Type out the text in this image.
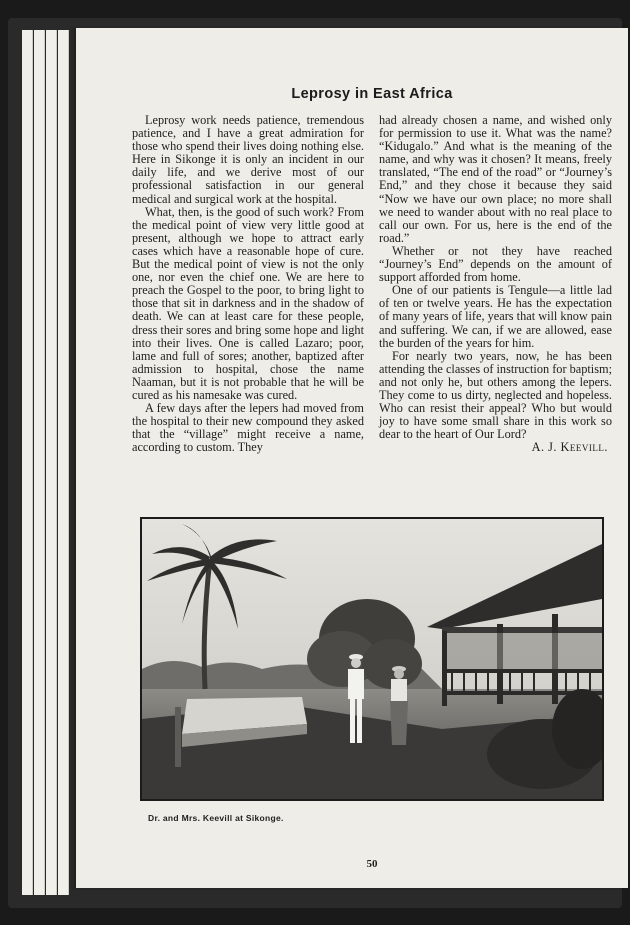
Leprosy in East Africa

Leprosy work needs patience, tremendous patience, and I have a great admiration for those who spend their lives doing nothing else. Here in Sikonge it is only an incident in our daily life, and we derive most of our professional satisfaction in our general medical and surgical work at the hospital.

What, then, is the good of such work? From the medical point of view very little good at present, although we hope to attract early cases which have a reasonable hope of cure. But the medical point of view is not the only one, nor even the chief one. We are here to preach the Gospel to the poor, to bring light to those that sit in darkness and in the shadow of death. We can at least care for these people, dress their sores and bring some hope and light into their lives. One is called Lazaro; poor, lame and full of sores; another, baptized after admission to hospital, chose the name Naaman, but it is not probable that he will be cured as his namesake was cured.

A few days after the lepers had moved from the hospital to their new compound they asked that the “village” might receive a name, according to custom. They

had already chosen a name, and wished only for permission to use it. What was the name? “Kidugalo.” And what is the meaning of the name, and why was it chosen? It means, freely translated, “The end of the road” or “Journey’s End,” and they chose it because they said “Now we have our own place; no more shall we need to wander about with no real place to call our own. For us, here is the end of the road.”

Whether or not they have reached “Journey’s End” depends on the amount of support afforded from home.

One of our patients is Tengule—a little lad of ten or twelve years. He has the expectation of many years of life, years that will know pain and suffering. We can, if we are allowed, ease the burden of the years for him.

For nearly two years, now, he has been attending the classes of instruction for baptism; and not only he, but others among the lepers. They come to us dirty, neglected and hopeless. Who can resist their appeal? Who but would joy to have some small share in this work so dear to the heart of Our Lord?

A. J. Keevill.
Dr. and Mrs. Keevill at Sikonge.
50
